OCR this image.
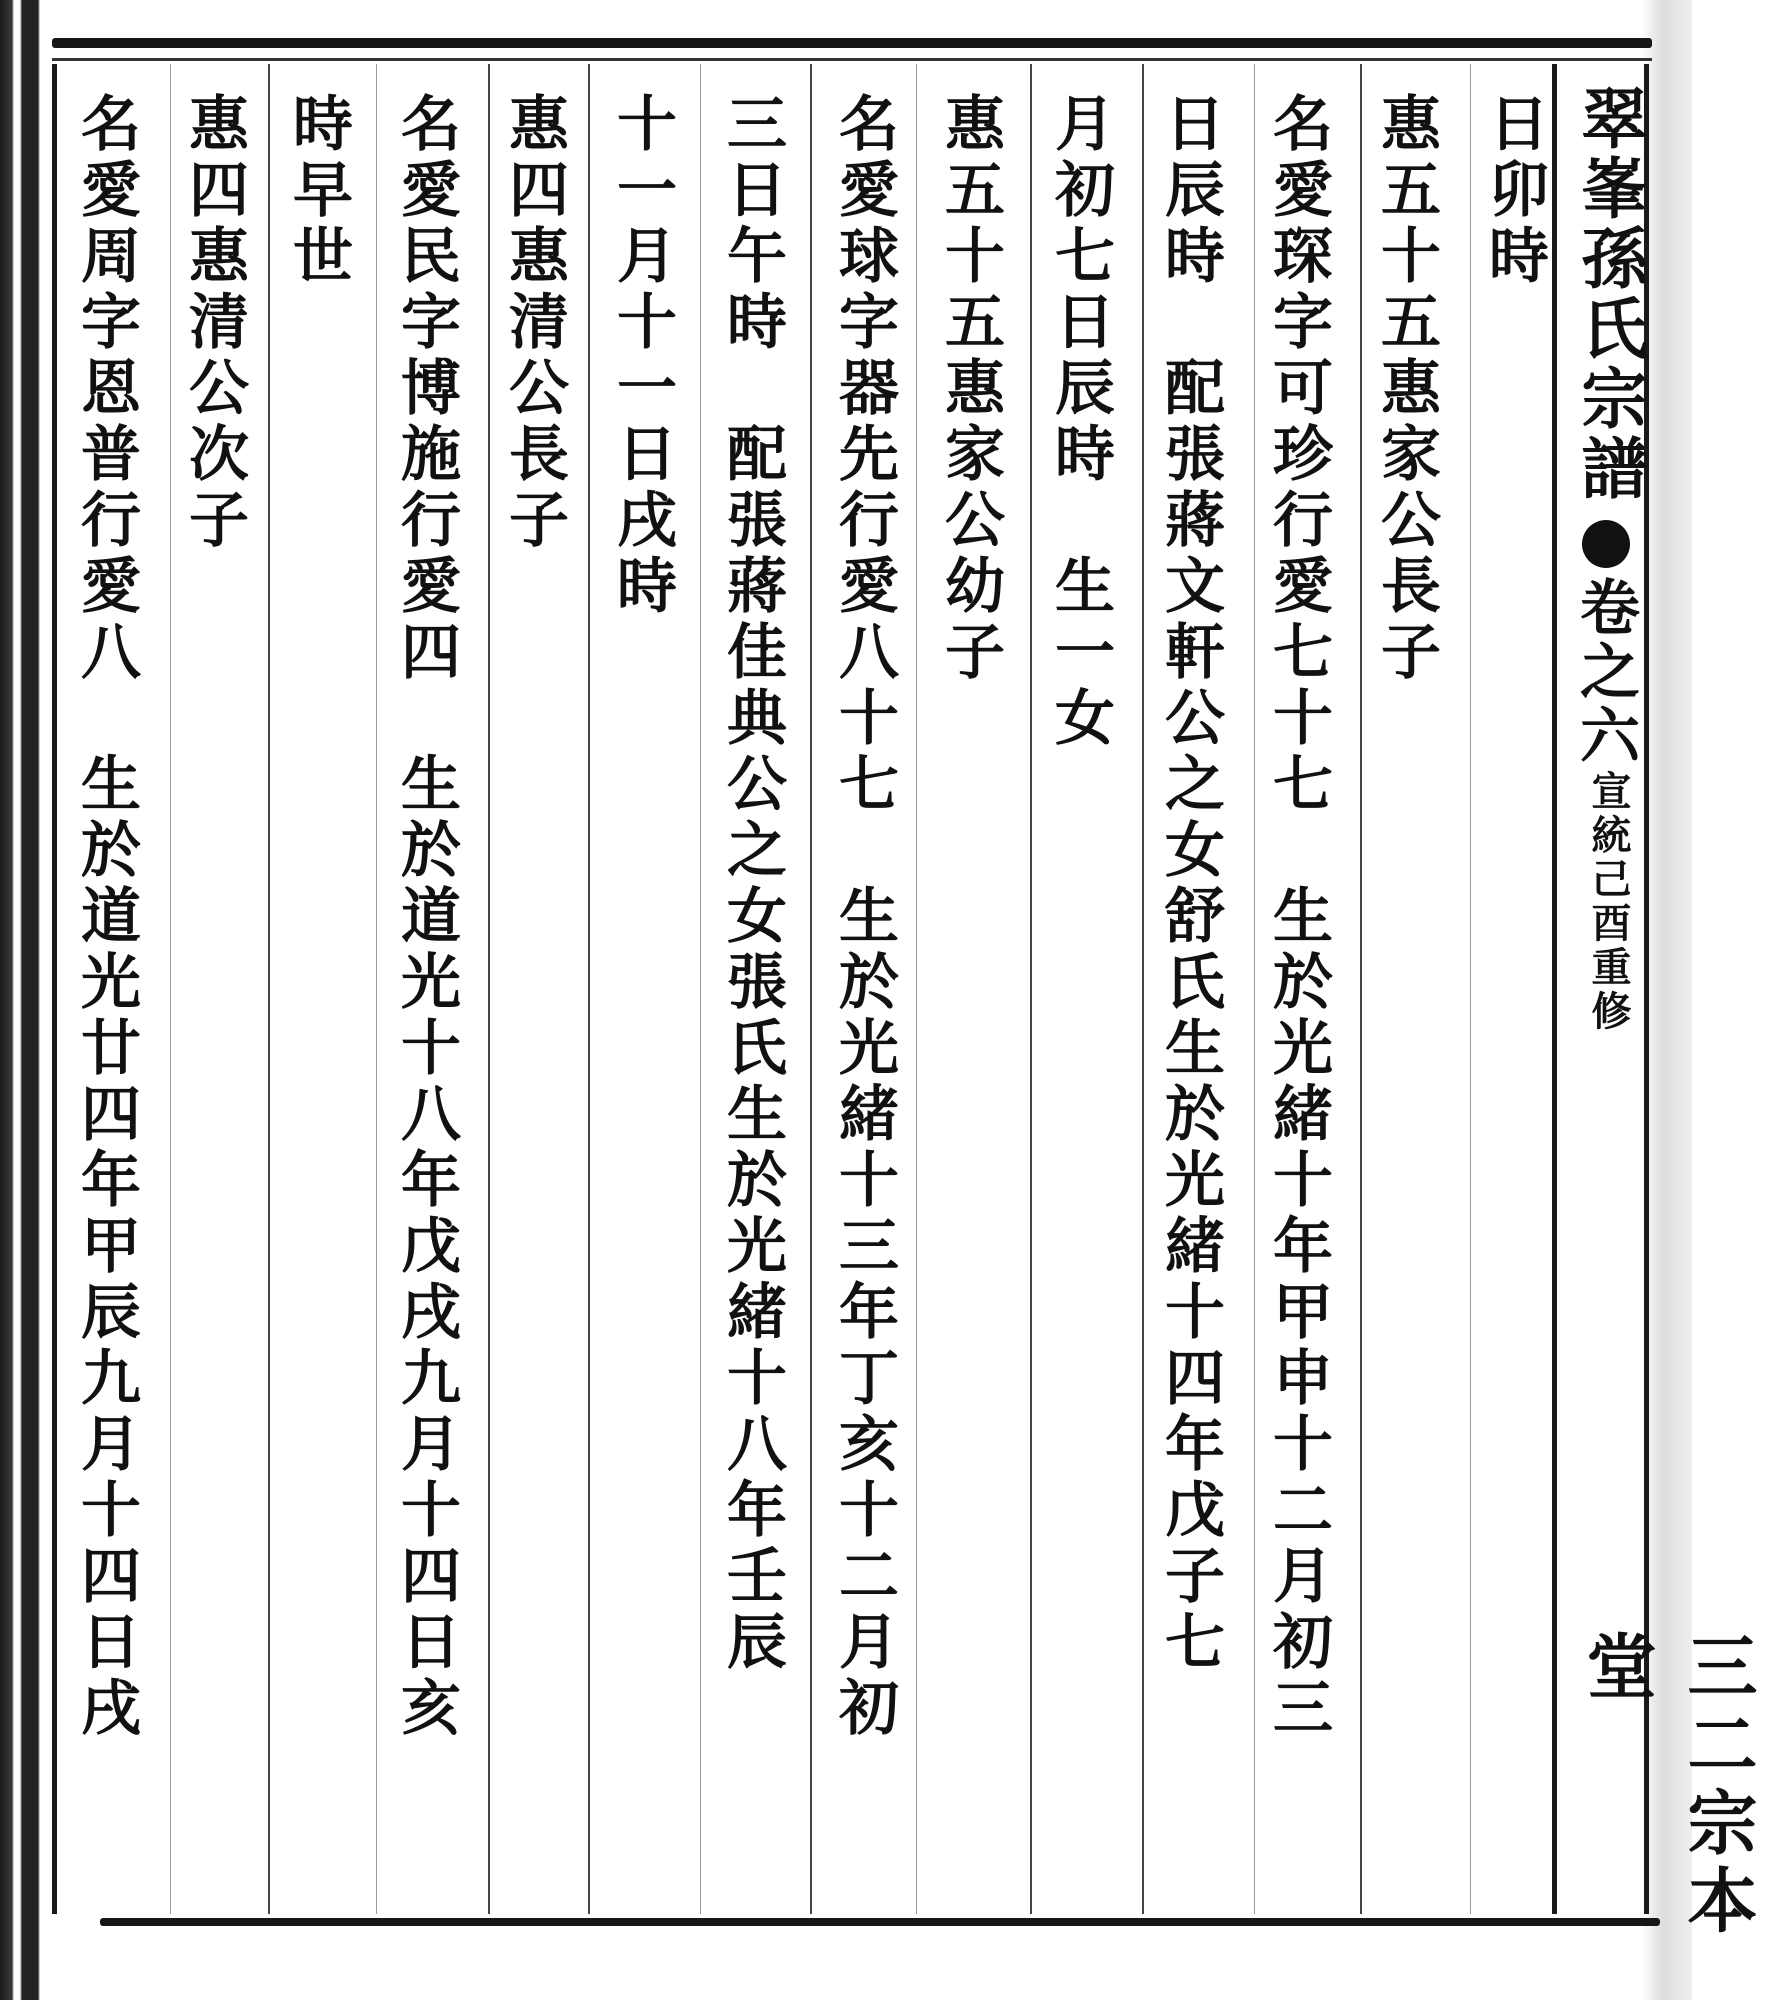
翠峯孫氏宗譜
卷之六
宣統己酉重修
三二宗本堂
日卯時
惠五十五惠家公長子
名愛琛字可珍行愛七十七　生於光緒十年甲申十二月初三
日辰時　配張蔣文軒公之女舒氏生於光緒十四年戊子七
月初七日辰時　生一女
惠五十五惠家公幼子
名愛球字器先行愛八十七　生於光緒十三年丁亥十二月初
三日午時　配張蔣佳典公之女張氏生於光緒十八年壬辰
十一月十一日戌時
惠四惠清公長子
名愛民字博施行愛四　生於道光十八年戊戌九月十四日亥
時早世
惠四惠清公次子
名愛周字恩普行愛八　生於道光廿四年甲辰九月十四日戌
